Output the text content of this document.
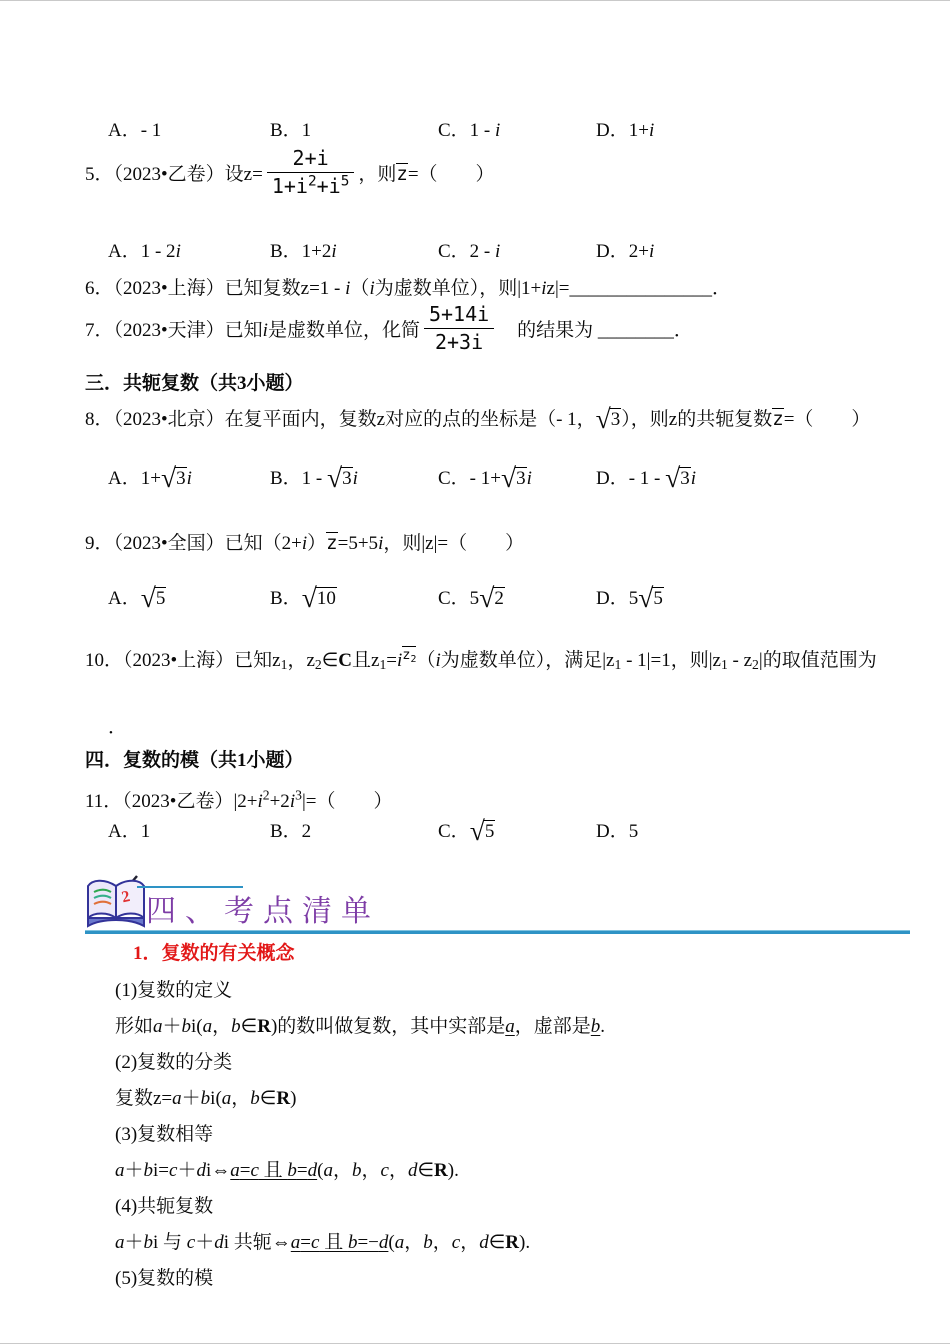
A．- 1	B．1	C．1 - i	D．1+i
5．（2023•乙卷）设$z= \frac{2+i}{1+i^2+i^5}$ ，则z=（　　）
A．1 - 2i	B．1+2i	C．2 - i	D．2+i
6．（2023•上海）已知复数z=1 - i（i为虚数单位），则|1+iz|=_______________．
7．（2023•天津）已知i是虚数单位，化简 $\frac{5+14i}{2+3i}$ 　的结果为 ________．
三．共轭复数（共3小题）
8．（2023•北京）在复平面内，复数z对应的点的坐标是（- 1，√3），则z的共轭复数z=（　　）
A．1+√3i	B．1 - √3i	C．- 1+√3i	D．- 1 - √3i
9．（2023•全国）已知（2+i）z=5+5i，则|z|=（　　）
A．√5	B．√10	C．5√2	D．5√5
10．（2023•上海）已知$z_1$，$z_2\in C$且$z_1=i^{z_2}(i$为虚数单位），满足$|z_1 - 1|=1$，则$|z_1 - z_2|$的取值范围为
．
四．复数的模（共1小题）
11．（2023•乙卷）$|2+i^2+2i^3|=$（　　）
A．1	B．2	C．√5	D．5
2 四、考点清单
1．复数的有关概念
(1)复数的定义
形如a＋bi(a，b∈R)的数叫做复数，其中实部是a，虚部是b.
(2)复数的分类
复数z=a＋bi(a，b∈R)
(3)复数相等
a＋bi=c＋di⇔a=c 且 b=d(a，b，c，d∈R).
(4)共轭复数
a＋bi 与 c＋di 共轭⇔a=c 且 b=−d(a，b，c，d∈R).
(5)复数的模
